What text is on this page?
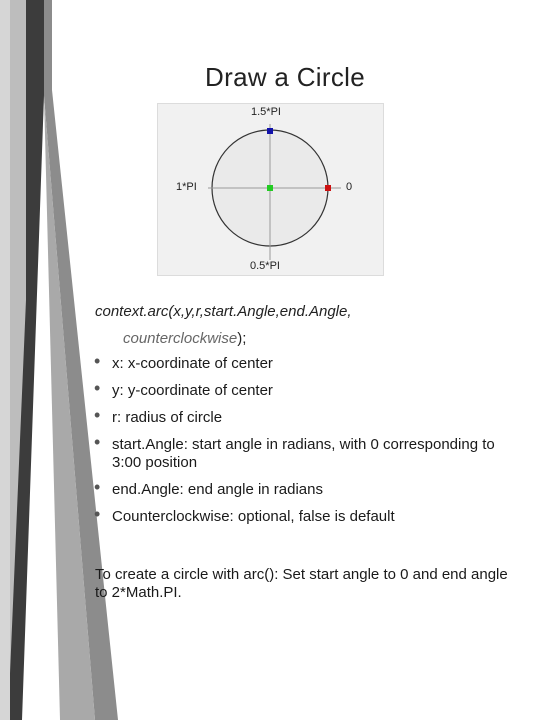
Draw a Circle
1.5*PI
1*PI	0
0.5*PI
context.arc(x,y,r,start.Angle,end.Angle,
counterclockwise);
• x: x-coordinate of center
• y: y-coordinate of center
• r: radius of circle
• start.Angle: start angle in radians, with 0 corresponding to 3:00 position
• end.Angle: end angle in radians
• Counterclockwise: optional, false is default
To create a circle with arc(): Set start angle to 0 and end angle to 2*Math.PI.
